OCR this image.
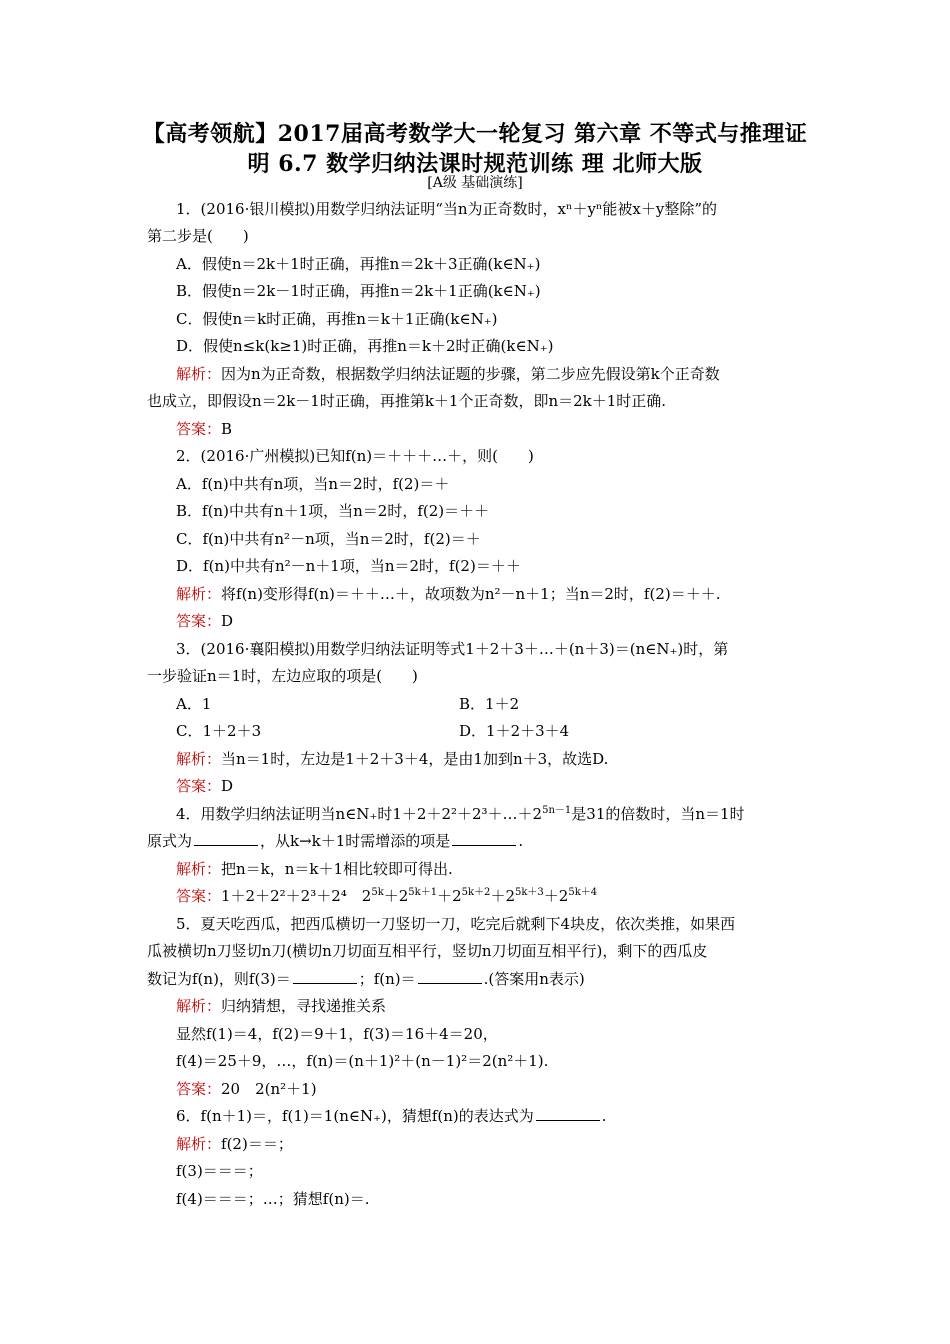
【高考领航】2017届高考数学大一轮复习 第六章 不等式与推理证
明 6.7 数学归纳法课时规范训练 理 北师大版
[A级 基础演练]
1．(2016·银川模拟)用数学归纳法证明“当n为正奇数时，xⁿ＋yⁿ能被x＋y整除”的
第二步是(　　)
A．假使n＝2k＋1时正确，再推n＝2k＋3正确(k∈N₊)
B．假使n＝2k－1时正确，再推n＝2k＋1正确(k∈N₊)
C．假使n＝k时正确，再推n＝k＋1正确(k∈N₊)
D．假使n≤k(k≥1)时正确，再推n＝k＋2时正确(k∈N₊)
解析：因为n为正奇数，根据数学归纳法证题的步骤，第二步应先假设第k个正奇数
也成立，即假设n＝2k－1时正确，再推第k＋1个正奇数，即n＝2k＋1时正确.
答案：B
2．(2016·广州模拟)已知f(n)＝＋＋＋…＋，则(　　)
A．f(n)中共有n项，当n＝2时，f(2)＝＋
B．f(n)中共有n＋1项，当n＝2时，f(2)＝＋＋
C．f(n)中共有n²－n项，当n＝2时，f(2)＝＋
D．f(n)中共有n²－n＋1项，当n＝2时，f(2)＝＋＋
解析：将f(n)变形得f(n)＝＋＋…＋，故项数为n²－n＋1；当n＝2时，f(2)＝＋＋.
答案：D
3．(2016·襄阳模拟)用数学归纳法证明等式1＋2＋3＋…＋(n＋3)＝(n∈N₊)时，第
一步验证n＝1时，左边应取的项是(　　)
A．1	B．1＋2
C．1＋2＋3	D．1＋2＋3＋4
解析：当n＝1时，左边是1＋2＋3＋4，是由1加到n＋3，故选D.
答案：D
4．用数学归纳法证明当n∈N₊时$1+2+2^2+2^3+\dots+2^{5n-1}$是31的倍数时，当n＝1时
原式为	，从k→k＋1时需增添的项是	.
解析：把n＝k，n＝k＋1相比较即可得出.
答案：1＋2＋2²＋2³＋2⁴　$2^{5k}+2^{5k+1}+2^{5k+2}+2^{5k+3}+2^{5k+4}$
5．夏天吃西瓜，把西瓜横切一刀竖切一刀，吃完后就剩下4块皮，依次类推，如果西
瓜被横切n刀竖切n刀(横切n刀切面互相平行，竖切n刀切面互相平行)，剩下的西瓜皮
数记为f(n)，则f(3)＝	；f(n)＝	.(答案用n表示)
解析：归纳猜想，寻找递推关系
显然f(1)＝4，f(2)＝9＋1，f(3)＝16＋4＝20，
f(4)＝25＋9，…，f(n)＝(n＋1)²＋(n－1)²＝2(n²＋1).
答案：20　2(n²＋1)
6．f(n＋1)＝，f(1)＝1(n∈N₊)，猜想f(n)的表达式为	.
解析：f(2)＝＝；
f(3)＝＝＝；
f(4)＝＝＝；…；猜想f(n)＝.
